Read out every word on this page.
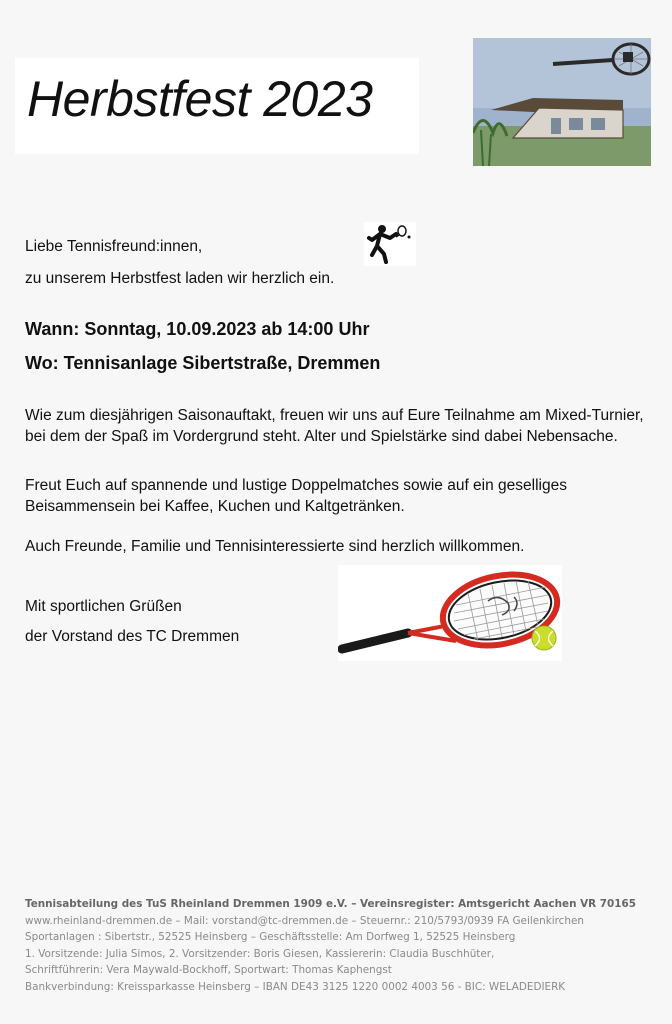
Herbstfest 2023
Liebe Tennisfreund:innen,
zu unserem Herbstfest laden wir herzlich ein.
Wann: Sonntag, 10.09.2023 ab 14:00 Uhr
Wo: Tennisanlage Sibertstraße, Dremmen
Wie zum diesjährigen Saisonauftakt, freuen wir uns auf Eure Teilnahme am Mixed-Turnier, bei dem der Spaß im Vordergrund steht. Alter und Spielstärke sind dabei Nebensache.
Freut Euch auf spannende und lustige Doppelmatches sowie auf ein geselliges Beisammensein bei Kaffee, Kuchen und Kaltgetränken.
Auch Freunde, Familie und Tennisinteressierte sind herzlich willkommen.
Mit sportlichen Grüßen
der Vorstand des TC Dremmen
Tennisabteilung des TuS Rheinland Dremmen 1909 e.V. – Vereinsregister: Amtsgericht Aachen VR 70165
www.rheinland-dremmen.de – Mail: vorstand@tc-dremmen.de – Steuernr.: 210/5793/0939 FA Geilenkirchen
Sportanlagen : Sibertstr., 52525 Heinsberg – Geschäftsstelle: Am Dorfweg 1, 52525 Heinsberg
1. Vorsitzende: Julia Simos, 2. Vorsitzender: Boris Giesen, Kassiererin: Claudia Buschhüter,
Schriftführerin: Vera Maywald-Bockhoff, Sportwart: Thomas Kaphengst
Bankverbindung: Kreissparkasse Heinsberg – IBAN DE43 3125 1220 0002 4003 56 - BIC: WELADEDIERK
